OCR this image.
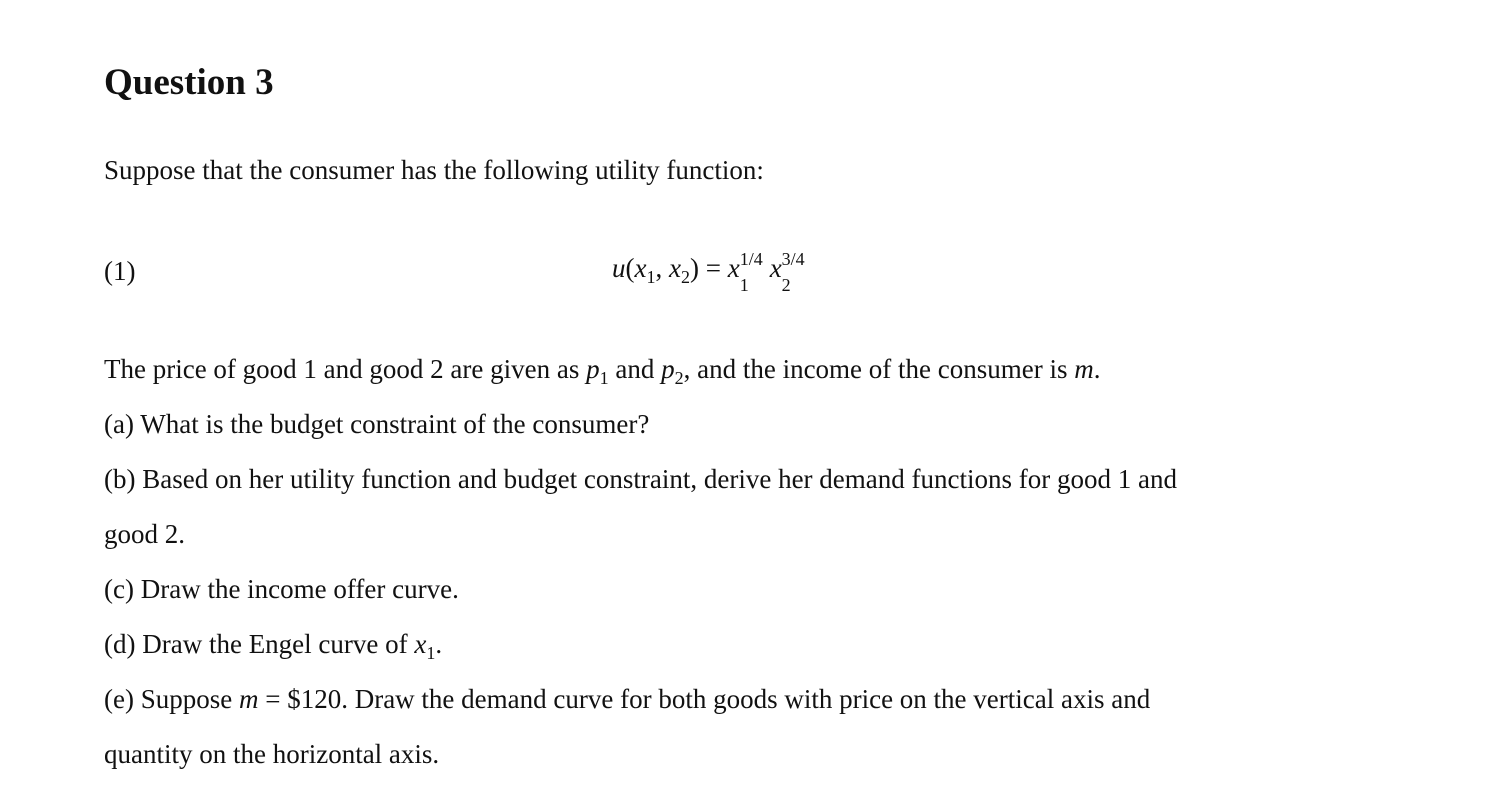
Question 3
Suppose that the consumer has the following utility function:
(1)	$u(x_1$, $x_2) = x$ 1/4
1
x 3/4
2
The price of good 1 and good 2 are given as $p_1$ and $p_2$, and the income of the consumer is m.
(a) What is the budget constraint of the consumer?
(b) Based on her utility function and budget constraint, derive her demand functions for good 1 and
good 2.
(c) Draw the income offer curve.
(d) Draw the Engel curve of $x_1$.
(e) Suppose m = $120. Draw the demand curve for both goods with price on the vertical axis and
quantity on the horizontal axis.
